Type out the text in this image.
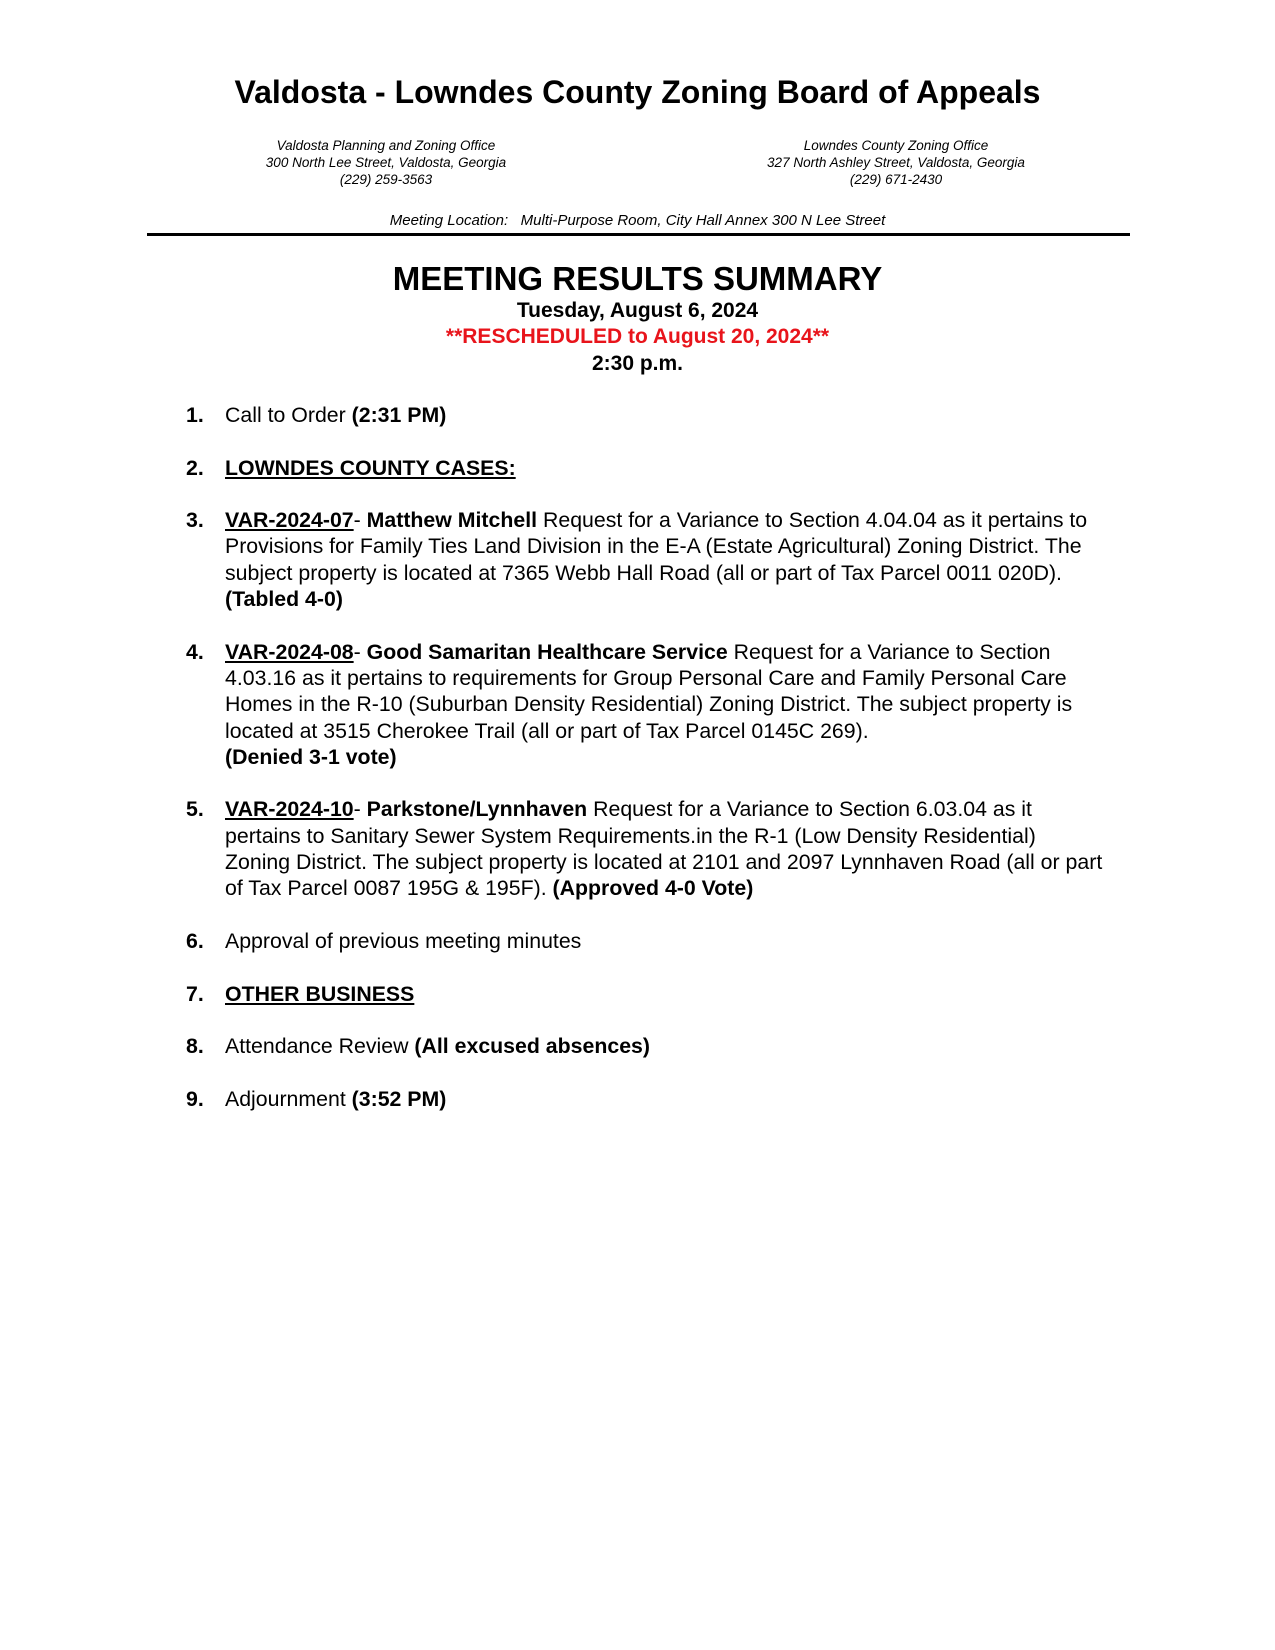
Valdosta - Lowndes County Zoning Board of Appeals
Valdosta Planning and Zoning Office
300 North Lee Street, Valdosta, Georgia
(229) 259-3563
Lowndes County Zoning Office
327 North Ashley Street, Valdosta, Georgia
(229) 671-2430
Meeting Location:   Multi-Purpose Room, City Hall Annex 300 N Lee Street
MEETING RESULTS SUMMARY
Tuesday, August 6, 2024
**RESCHEDULED to August 20, 2024**
2:30 p.m.
1. Call to Order (2:31 PM)
2. LOWNDES COUNTY CASES:
3. VAR-2024-07- Matthew Mitchell Request for a Variance to Section 4.04.04 as it pertains to Provisions for Family Ties Land Division in the E-A (Estate Agricultural) Zoning District. The subject property is located at 7365 Webb Hall Road (all or part of Tax Parcel 0011 020D). (Tabled 4-0)
4. VAR-2024-08- Good Samaritan Healthcare Service Request for a Variance to Section 4.03.16 as it pertains to requirements for Group Personal Care and Family Personal Care Homes in the R-10 (Suburban Density Residential) Zoning District. The subject property is located at 3515 Cherokee Trail (all or part of Tax Parcel 0145C 269).
(Denied 3-1 vote)
5. VAR-2024-10- Parkstone/Lynnhaven Request for a Variance to Section 6.03.04 as it pertains to Sanitary Sewer System Requirements.in the R-1 (Low Density Residential) Zoning District. The subject property is located at 2101 and 2097 Lynnhaven Road (all or part of Tax Parcel 0087 195G & 195F). (Approved 4-0 Vote)
6. Approval of previous meeting minutes
7. OTHER BUSINESS
8. Attendance Review (All excused absences)
9. Adjournment (3:52 PM)
